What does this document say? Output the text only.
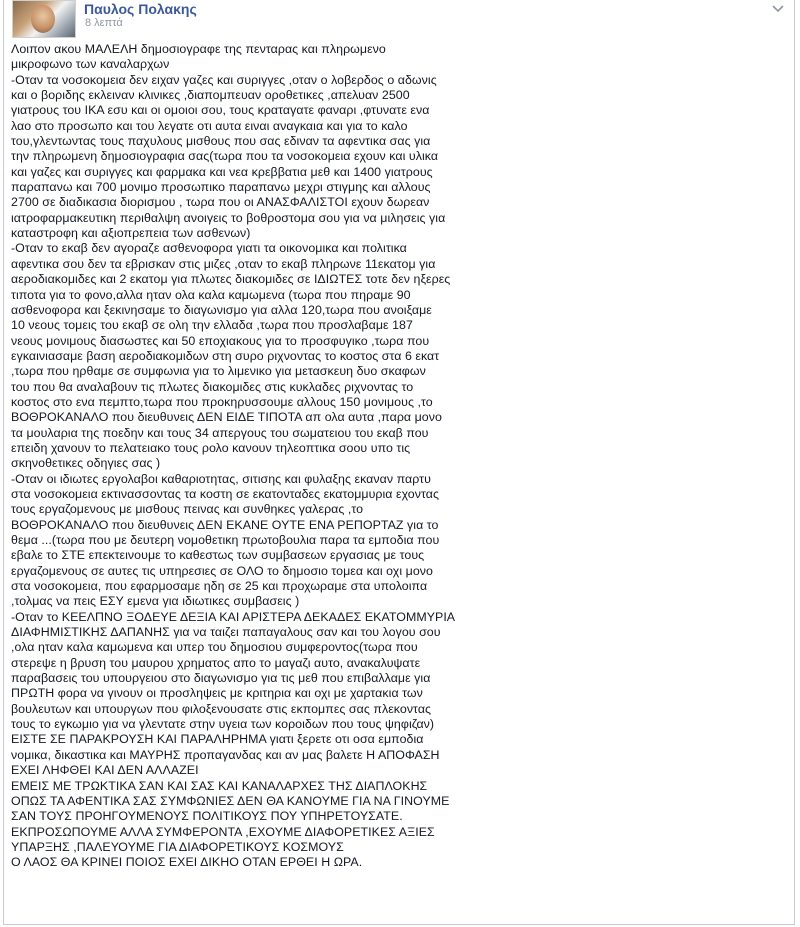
Παυλος Πολακης
8 λεπτά

Λοιπον ακου ΜΑΛΕΛΗ δημοσιογραφε της πενταρας και πληρωμενο

μικροφωνο των καναλαρχων

-Οταν τα νοσοκομεια δεν ειχαν γαζες και συριγγες ,οταν ο λοβερδος ο αδωνις

και ο βοριδης εκλειναν κλινικες ,διαπομπευαν οροθετικες ,απελυαν 2500

γιατρους του ΙΚΑ εσυ και οι ομοιοι σου, τους κραταγατε φαναρι ,φτυνατε ενα

λαο στο προσωπο και του λεγατε οτι αυτα ειναι αναγκαια και για το καλο

του,γλεντωντας τους παχυλους μισθους που σας εδιναν τα αφεντικα σας για

την πληρωμενη δημοσιογραφια σας(τωρα που τα νοσοκομεια εχουν και υλικα

και γαζες και συριγγες και φαρμακα και νεα κρεββατια μεθ και 1400 γιατρους

παραπανω και 700 μονιμο προσωπικο παραπανω μεχρι στιγμης και αλλους

2700 σε διαδικασια διορισμου , τωρα που οι ΑΝΑΣΦΑΛΙΣΤΟΙ εχουν δωρεαν

ιατροφαρμακευτικη περιθαλψη ανοιγεις το βοθροστομα σου για να μιλησεις για

καταστροφη και αξιοπρεπεια των ασθενων)

-Οταν το εκαβ δεν αγοραζε ασθενοφορα γιατι τα οικονομικα και πολιτικα

αφεντικα σου δεν τα εβρισκαν στις μιζες ,οταν το εκαβ πληρωνε 11εκατομ για

αεροδιακομιδες και 2 εκατομ για πλωτες διακομιδες σε ΙΔΙΩΤΕΣ τοτε δεν ηξερες

τιποτα για το φονο,αλλα ηταν ολα καλα καμωμενα (τωρα που πηραμε 90

ασθενοφορα και ξεκινησαμε το διαγωνισμο για αλλα 120,τωρα που ανοιξαμε

10 νεους τομεις του εκαβ σε ολη την ελλαδα ,τωρα που προσλαβαμε 187

νεους μονιμους διασωστες και 50 εποχιακους για το προσφυγικο ,τωρα που

εγκαινιασαμε βαση αεροδιακομιδων στη συρο ριχνοντας το κοστος στα 6 εκατ

,τωρα που ηρθαμε σε συμφωνια για το λιμενικο για μετασκευη δυο σκαφων

του που θα αναλαβουν τις πλωτες διακομιδες στις κυκλαδες ριχνοντας το

κοστος στο ενα πεμπτο,τωρα που προκηρυσσουμε αλλους 150 μονιμους ,το

ΒΟΘΡΟΚΑΝΑΛΟ που διευθυνεις ΔΕΝ ΕΙΔΕ ΤΙΠΟΤΑ απ ολα αυτα ,παρα μονο

τα μουλαρια της ποεδην και τους 34 απεργους του σωματειου του εκαβ που

επειδη χανουν το πελατειακο τους ρολο κανουν τηλεοπτικα σοου υπο τις

σκηνοθετικες οδηγιες σας )

-Οταν οι ιδιωτες εργολαβοι καθαριοτητας, σιτισης και φυλαξης εκαναν παρτυ

στα νοσοκομεια εκτινασσοντας τα κοστη σε εκατονταδες εκατομμυρια εχοντας

τους εργαζομενους με μισθους πεινας και συνθηκες γαλερας ,το

ΒΟΘΡΟΚΑΝΑΛΟ που διευθυνεις ΔΕΝ ΕΚΑΝΕ ΟΥΤΕ ΕΝΑ ΡΕΠΟΡΤΑΖ για το

θεμα ...(τωρα που με δευτερη νομοθετικη πρωτοβουλια παρα τα εμποδια που

εβαλε το ΣΤΕ επεκτεινουμε το καθεστως των συμβασεων εργασιας με τους

εργαζομενους σε αυτες τις υπηρεσιες σε ΟΛΟ το δημοσιο τομεα και οχι μονο

στα νοσοκομεια, που εφαρμοσαμε ηδη σε 25 και προχωραμε στα υπολοιπα

,τολμας να πεις ΕΣΥ εμενα για ιδιωτικες συμβασεις )

-Οταν το ΚΕΕΛΠΝΟ ΞΟΔΕΥΕ ΔΕΞΙΑ ΚΑΙ ΑΡΙΣΤΕΡΑ ΔΕΚΑΔΕΣ ΕΚΑΤΟΜΜΥΡΙΑ

ΔΙΑΦΗΜΙΣΤΙΚΗΣ ΔΑΠΑΝΗΣ για να ταιζει παπαγαλους σαν και του λογου σου

,ολα ηταν καλα καμωμενα και υπερ του δημοσιου συμφεροντος(τωρα που

στερεψε η βρυση του μαυρου χρηματος απο το μαγαζι αυτο, ανακαλυψατε

παραβασεις του υπουργειου στο διαγωνισμο για τις μεθ που επιβαλλαμε για

ΠΡΩΤΗ φορα να γινουν οι προσληψεις με κριτηρια και οχι με χαρτακια των

βουλευτων και υπουργων που φιλοξενουσατε στις εκπομπες σας πλεκοντας

τους το εγκωμιο για να γλεντατε στην υγεια των κοροιδων που τους ψηφιζαν)

ΕΙΣΤΕ ΣΕ ΠΑΡΑΚΡΟΥΣΗ ΚΑΙ ΠΑΡΑΛΗΡΗΜΑ γιατι ξερετε οτι οσα εμποδια

νομικα, δικαστικα και ΜΑΥΡΗΣ προπαγανδας και αν μας βαλετε Η ΑΠΟΦΑΣΗ

ΕΧΕΙ ΛΗΦΘΕΙ ΚΑΙ ΔΕΝ ΑΛΛΑΖΕΙ

ΕΜΕΙΣ ΜΕ ΤΡΩΚΤΙΚΑ ΣΑΝ ΚΑΙ ΣΑΣ ΚΑΙ ΚΑΝΑΛΑΡΧΕΣ ΤΗΣ ΔΙΑΠΛΟΚΗΣ

ΟΠΩΣ ΤΑ ΑΦΕΝΤΙΚΑ ΣΑΣ ΣΥΜΦΩΝΙΕΣ ΔΕΝ ΘΑ ΚΑΝΟΥΜΕ ΓΙΑ ΝΑ ΓΙΝΟΥΜΕ

ΣΑΝ ΤΟΥΣ ΠΡΟΗΓΟΥΜΕΝΟΥΣ ΠΟΛΙΤΙΚΟΥΣ ΠΟΥ ΥΠΗΡΕΤΟΥΣΑΤΕ.

ΕΚΠΡΟΣΩΠΟΥΜΕ ΑΛΛΑ ΣΥΜΦΕΡΟΝΤΑ ,ΕΧΟΥΜΕ ΔΙΑΦΟΡΕΤΙΚΕΣ ΑΞΙΕΣ

ΥΠΑΡΞΗΣ ,ΠΑΛΕΥΟΥΜΕ ΓΙΑ ΔΙΑΦΟΡΕΤΙΚΟΥΣ ΚΟΣΜΟΥΣ

Ο ΛΑΟΣ ΘΑ ΚΡΙΝΕΙ ΠΟΙΟΣ ΕΧΕΙ ΔΙΚΗΟ ΟΤΑΝ ΕΡΘΕΙ Η ΩΡΑ.
